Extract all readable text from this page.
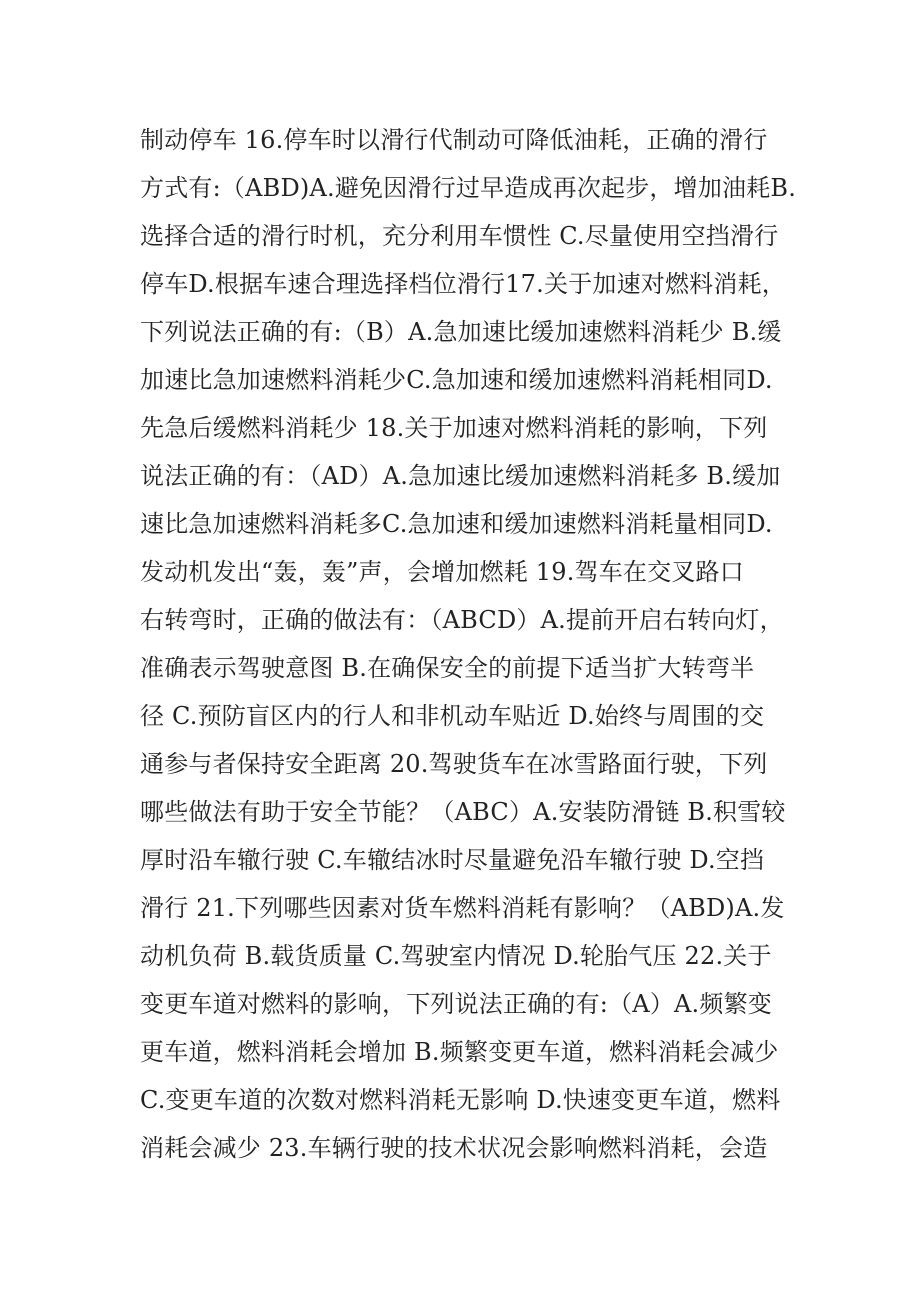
制动停车 16.停车时以滑行代制动可降低油耗，正确的滑行
方式有:（ABD)A.避免因滑行过早造成再次起步，增加油耗B.
选择合适的滑行时机，充分利用车惯性 C.尽量使用空挡滑行
停车D.根据车速合理选择档位滑行17.关于加速对燃料消耗，
下列说法正确的有:（B）A.急加速比缓加速燃料消耗少 B.缓
加速比急加速燃料消耗少C.急加速和缓加速燃料消耗相同D.
先急后缓燃料消耗少 18.关于加速对燃料消耗的影响，下列
说法正确的有：（AD）A.急加速比缓加速燃料消耗多 B.缓加
速比急加速燃料消耗多C.急加速和缓加速燃料消耗量相同D.
发动机发出“轰，轰”声，会增加燃耗 19.驾车在交叉路口
右转弯时，正确的做法有：（ABCD）A.提前开启右转向灯，
准确表示驾驶意图 B.在确保安全的前提下适当扩大转弯半
径 C.预防盲区内的行人和非机动车贴近 D.始终与周围的交
通参与者保持安全距离 20.驾驶货车在冰雪路面行驶，下列
哪些做法有助于安全节能？（ABC）A.安装防滑链 B.积雪较
厚时沿车辙行驶 C.车辙结冰时尽量避免沿车辙行驶 D.空挡
滑行 21.下列哪些因素对货车燃料消耗有影响？（ABD)A.发
动机负荷 B.载货质量 C.驾驶室内情况 D.轮胎气压 22.关于
变更车道对燃料的影响，下列说法正确的有:（A）A.频繁变
更车道，燃料消耗会增加 B.频繁变更车道，燃料消耗会减少
C.变更车道的次数对燃料消耗无影响 D.快速变更车道，燃料
消耗会减少 23.车辆行驶的技术状况会影响燃料消耗，会造
